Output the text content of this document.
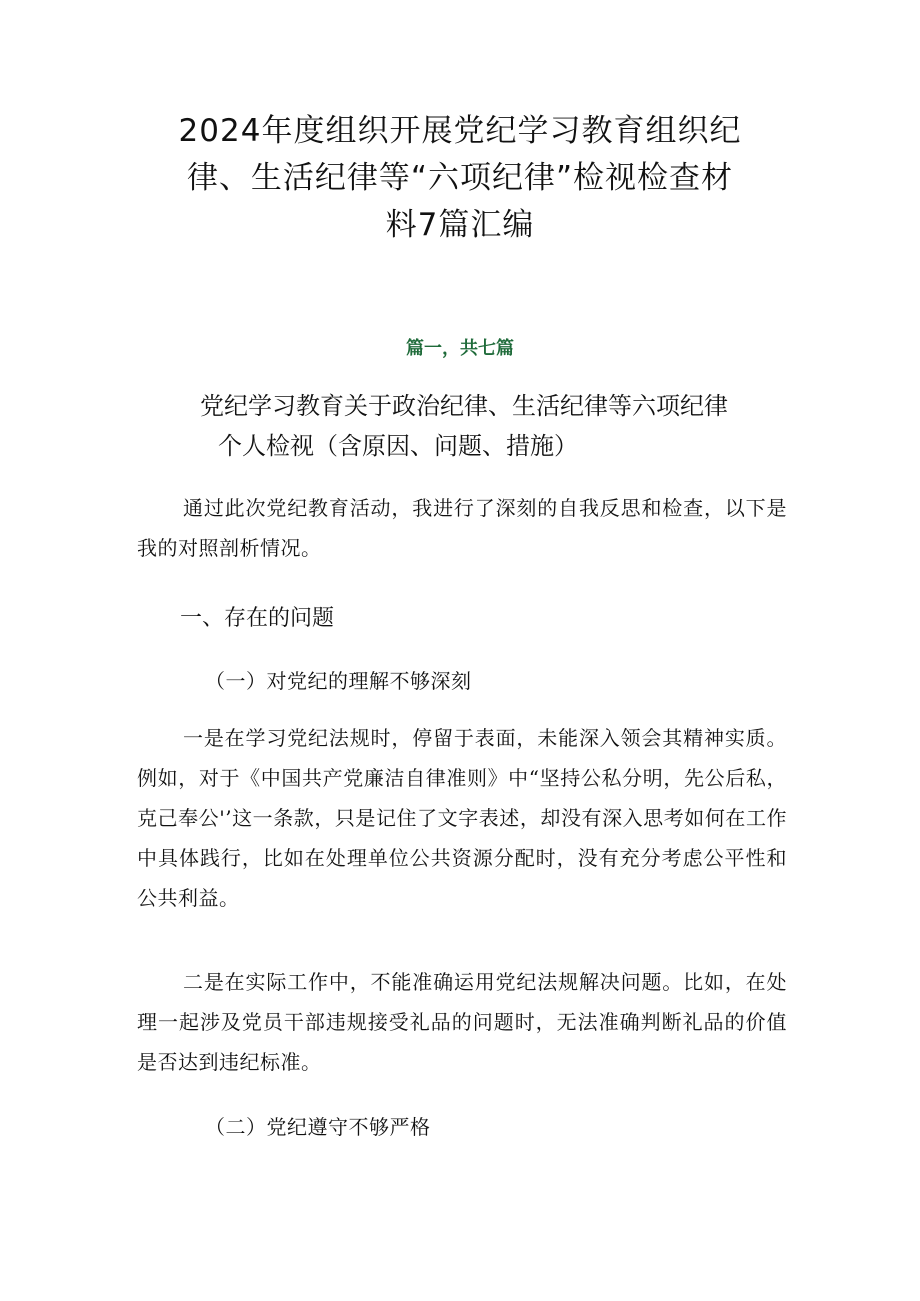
2024年度组织开展党纪学习教育组织纪
律、生活纪律等“六项纪律”检视检查材
料7篇汇编
篇一，共七篇
党纪学习教育关于政治纪律、生活纪律等六项纪律
个人检视（含原因、问题、措施）

通过此次党纪教育活动，我进行了深刻的自我反思和检查，以下是我的对照剖析情况。

一、存在的问题
（一）对党纪的理解不够深刻

一是在学习党纪法规时，停留于表面，未能深入领会其精神实质。例如，对于《中国共产党廉洁自律准则》中“坚持公私分明，先公后私，克己奉公'’这一条款，只是记住了文字表述，却没有深入思考如何在工作中具体践行，比如在处理单位公共资源分配时，没有充分考虑公平性和公共利益。

二是在实际工作中，不能准确运用党纪法规解决问题。比如，在处理一起涉及党员干部违规接受礼品的问题时，无法准确判断礼品的价值是否达到违纪标准。

（二）党纪遵守不够严格
